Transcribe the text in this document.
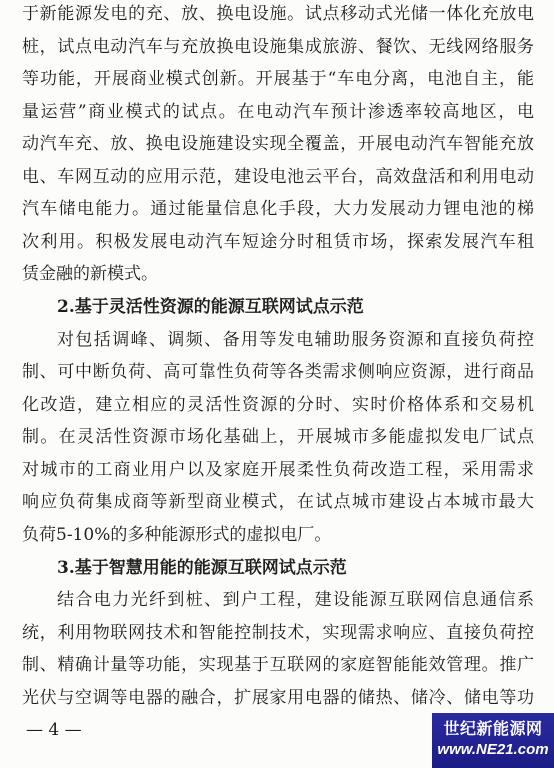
于新能源发电的充、放、换电设施。试点移动式光储一体化充放电
桩，试点电动汽车与充放换电设施集成旅游、餐饮、无线网络服务
等功能，开展商业模式创新。开展基于“车电分离，电池自主，能
量运营”商业模式的试点。在电动汽车预计渗透率较高地区，电
动汽车充、放、换电设施建设实现全覆盖，开展电动汽车智能充放
电、车网互动的应用示范，建设电池云平台，高效盘活和利用电动
汽车储电能力。通过能量信息化手段，大力发展动力锂电池的梯
次利用。积极发展电动汽车短途分时租赁市场，探索发展汽车租
赁金融的新模式。
2.基于灵活性资源的能源互联网试点示范
对包括调峰、调频、备用等发电辅助服务资源和直接负荷控
制、可中断负荷、高可靠性负荷等各类需求侧响应资源，进行商品
化改造，建立相应的灵活性资源的分时、实时价格体系和交易机
制。在灵活性资源市场化基础上，开展城市多能虚拟发电厂试点
对城市的工商业用户以及家庭开展柔性负荷改造工程，采用需求
响应负荷集成商等新型商业模式，在试点城市建设占本城市最大
负荷5-10%的多种能源形式的虚拟电厂。
3.基于智慧用能的能源互联网试点示范
结合电力光纤到桩、到户工程，建设能源互联网信息通信系
统，利用物联网技术和智能控制技术，实现需求响应、直接负荷控
制、精确计量等功能，实现基于互联网的家庭智能能效管理。推广
光伏与空调等电器的融合，扩展家用电器的储热、储冷、储电等功
— 4 —	世纪新能源网
www.NE21.com
